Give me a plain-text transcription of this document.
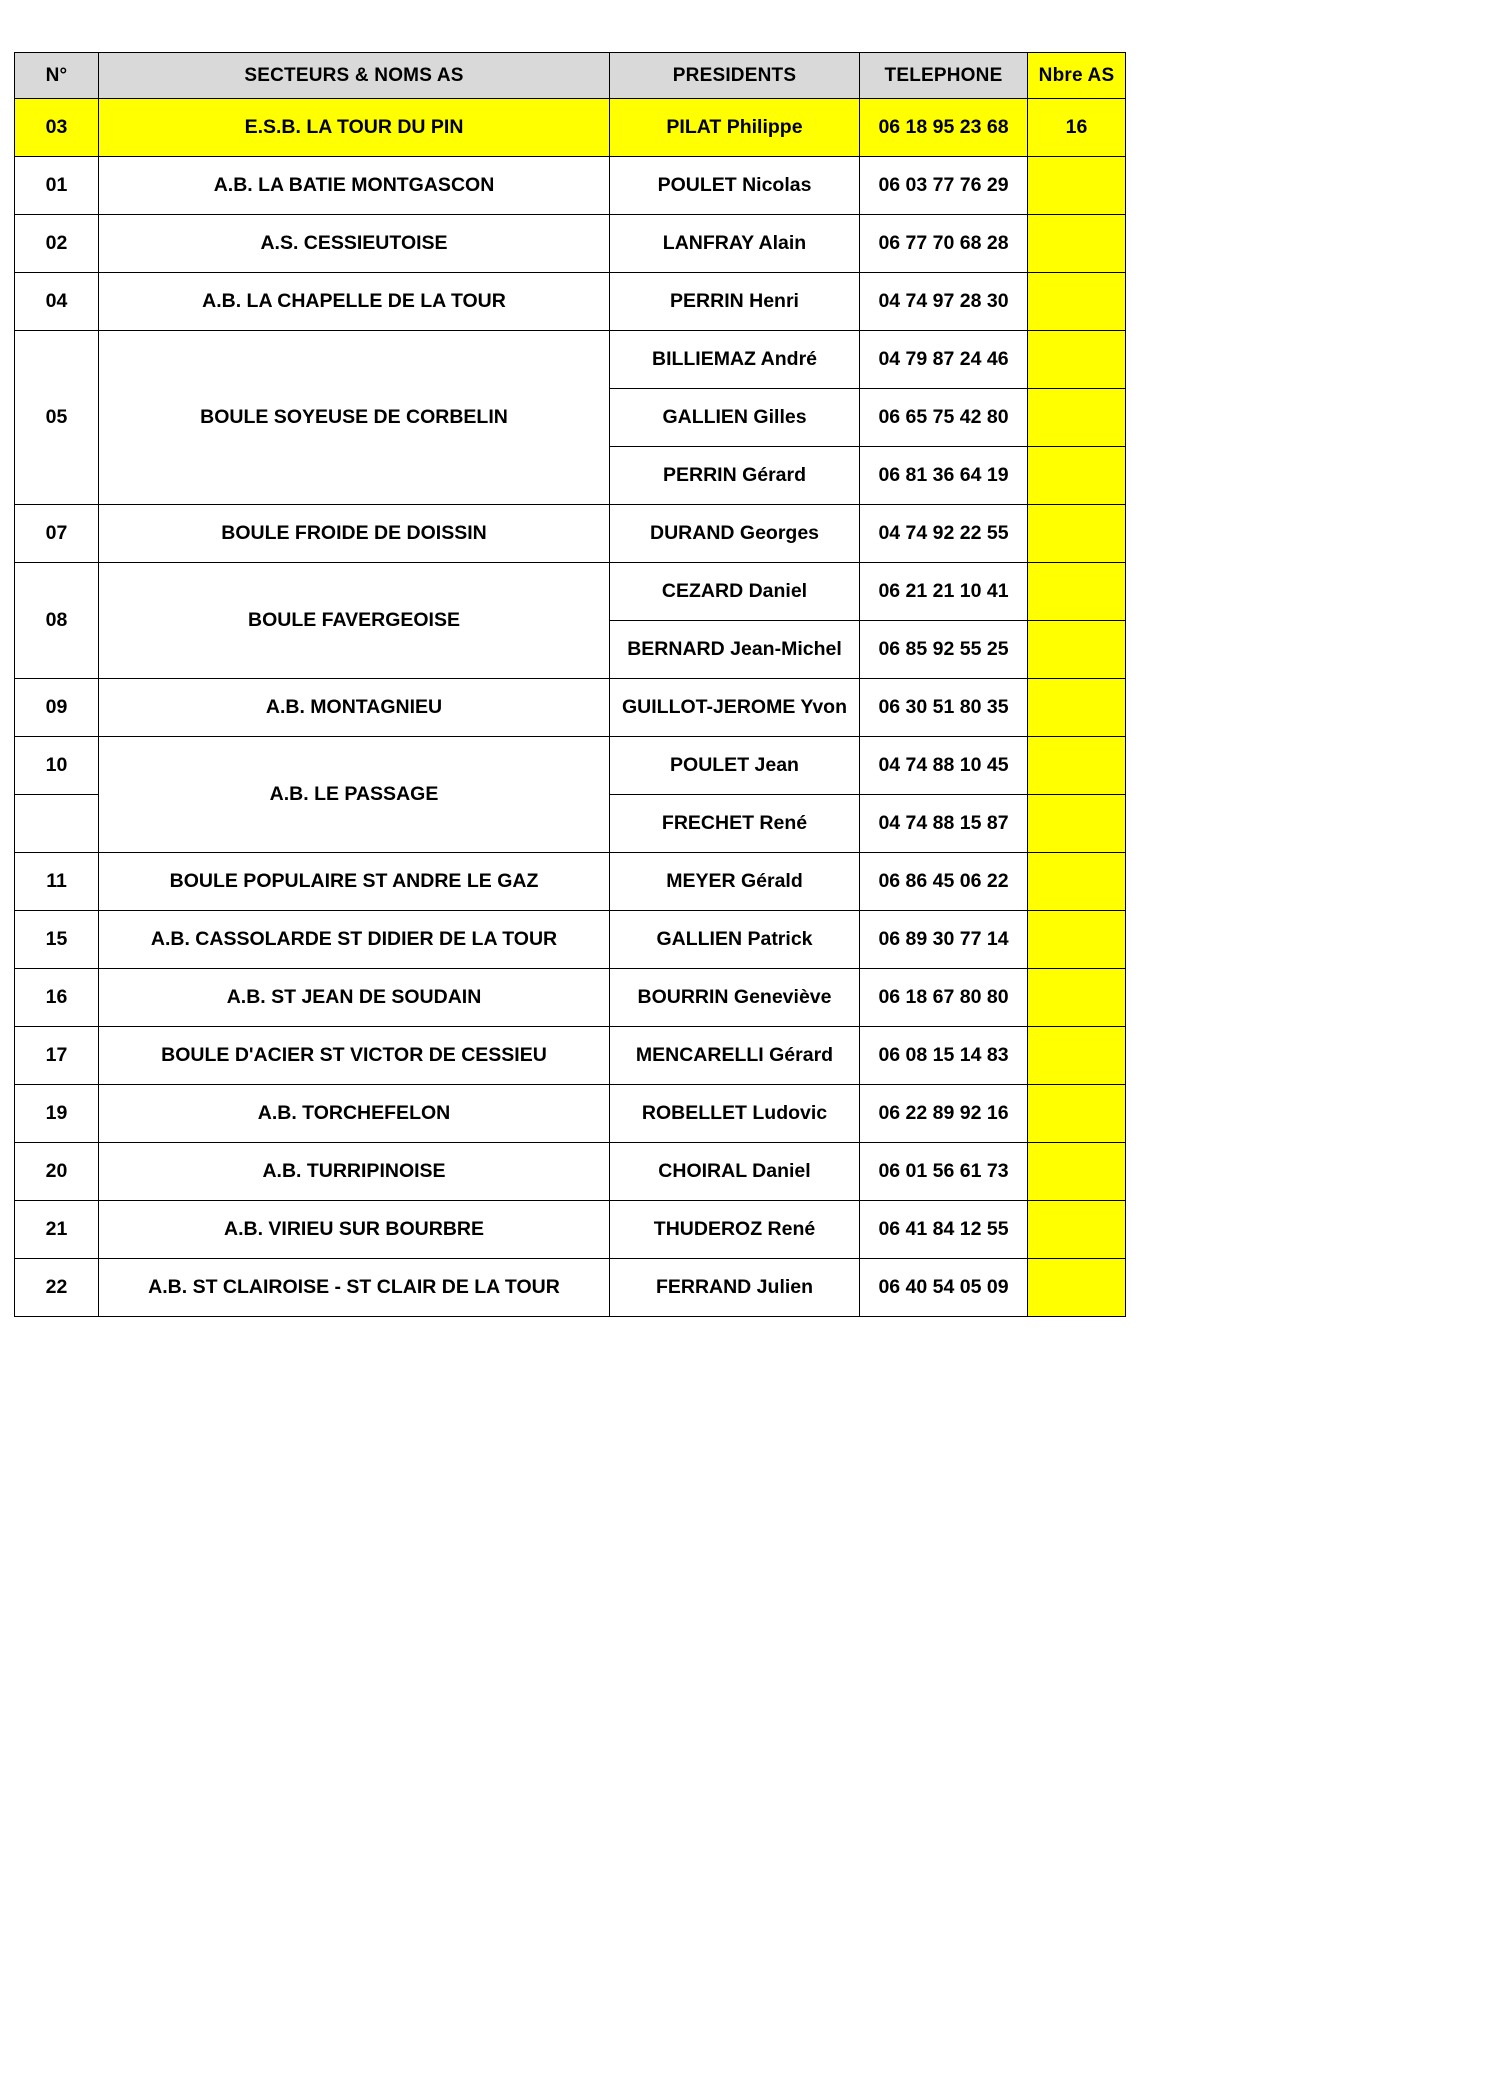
N°	SECTEURS & NOMS AS	PRESIDENTS	TELEPHONE	Nbre AS
03	E.S.B. LA TOUR DU PIN	PILAT Philippe	06 18 95 23 68	16
01	A.B. LA BATIE MONTGASCON	POULET Nicolas	06 03 77 76 29	
02	A.S. CESSIEUTOISE	LANFRAY Alain	06 77 70 68 28	
04	A.B. LA CHAPELLE DE LA TOUR	PERRIN Henri	04 74 97 28 30	
05	BOULE SOYEUSE DE CORBELIN	BILLIEMAZ André	04 79 87 24 46	
		GALLIEN Gilles	06 65 75 42 80	
		PERRIN Gérard	06 81 36 64 19	
07	BOULE FROIDE DE DOISSIN	DURAND Georges	04 74 92 22 55	
08	BOULE FAVERGEOISE	CEZARD Daniel	06 21 21 10 41	
		BERNARD Jean-Michel	06 85 92 55 25	
09	A.B. MONTAGNIEU	GUILLOT-JEROME Yvon	06 30 51 80 35	
10	A.B. LE PASSAGE	POULET Jean	04 74 88 10 45	
		FRECHET René	04 74 88 15 87	
11	BOULE POPULAIRE ST ANDRE LE GAZ	MEYER Gérald	06 86 45 06 22	
15	A.B. CASSOLARDE ST DIDIER DE LA TOUR	GALLIEN Patrick	06 89 30 77 14	
16	A.B. ST JEAN DE SOUDAIN	BOURRIN Geneviève	06 18 67 80 80	
17	BOULE D'ACIER ST VICTOR DE CESSIEU	MENCARELLI Gérard	06 08 15 14 83	
19	A.B. TORCHEFELON	ROBELLET Ludovic	06 22 89 92 16	
20	A.B. TURRIPINOISE	CHOIRAL Daniel	06 01 56 61 73	
21	A.B. VIRIEU SUR BOURBRE	THUDEROZ René	06 41 84 12 55	
22	A.B. ST CLAIROISE - ST CLAIR DE LA TOUR	FERRAND Julien	06 40 54 05 09	
